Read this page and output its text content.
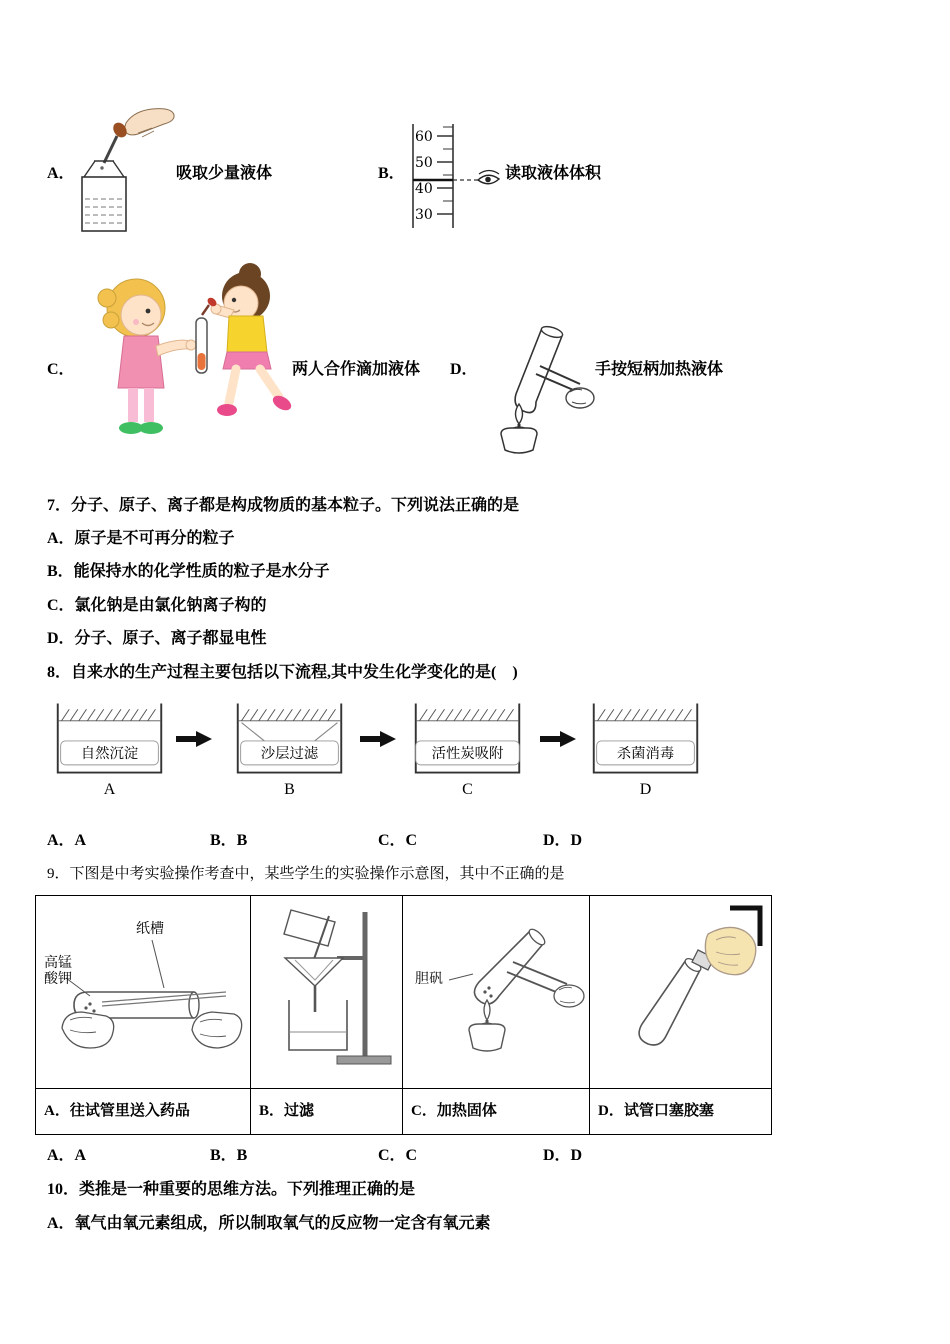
A．	吸取少量液体	B．
60
50
40
30
读取液体体积
C．	两人合作滴加液体 D．	手按短柄加热液体
7．分子、原子、离子都是构成物质的基本粒子。下列说法正确的是
A．原子是不可再分的粒子
B．能保持水的化学性质的粒子是水分子
C．氯化钠是由氯化钠离子构的
D．分子、原子、离子都显电性
8．自来水的生产过程主要包括以下流程,其中发生化学变化的是(　)
自然沉淀	沙层过滤	活性炭吸附	杀菌消毒
A	B	C	D
A．A	B．B	C．C	D．D
9．下图是中考实验操作考查中，某些学生的实验操作示意图，其中不正确的是
高锰酸钾
纸槽
胆矾
A．往试管里送入药品	B．过滤	C．加热固体	D．试管口塞胶塞
A．A	B．B	C．C	D．D
10．类推是一种重要的思维方法。下列推理正确的是
A．氧气由氧元素组成，所以制取氧气的反应物一定含有氧元素
